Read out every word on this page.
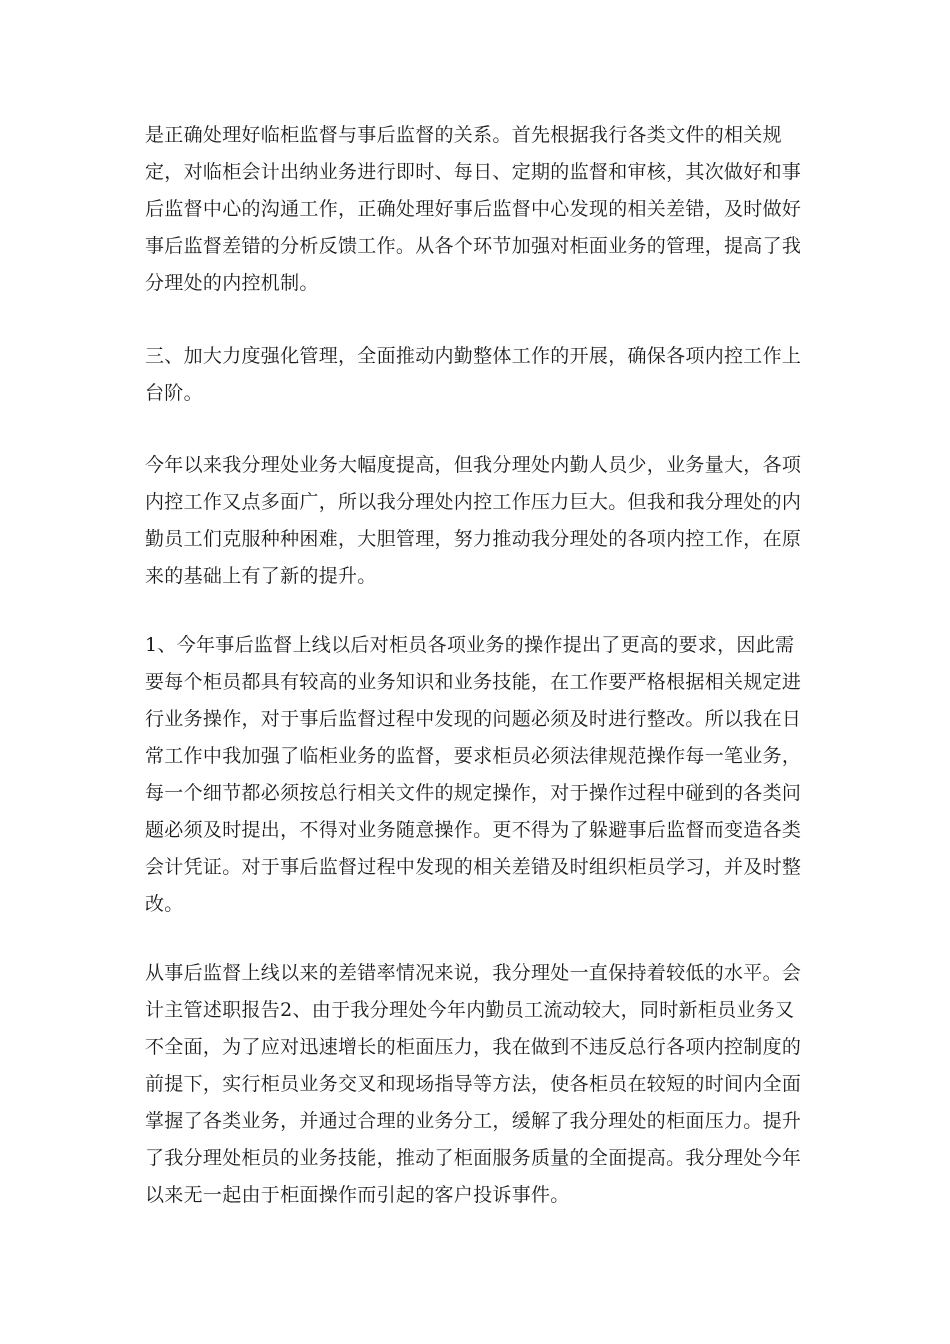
是正确处理好临柜监督与事后监督的关系。首先根据我行各类文件的相关规定，对临柜会计出纳业务进行即时、每日、定期的监督和审核，其次做好和事后监督中心的沟通工作，正确处理好事后监督中心发现的相关差错，及时做好事后监督差错的分析反馈工作。从各个环节加强对柜面业务的管理，提高了我分理处的内控机制。

三、加大力度强化管理，全面推动内勤整体工作的开展，确保各项内控工作上台阶。

今年以来我分理处业务大幅度提高，但我分理处内勤人员少，业务量大，各项内控工作又点多面广，所以我分理处内控工作压力巨大。但我和我分理处的内勤员工们克服种种困难，大胆管理，努力推动我分理处的各项内控工作，在原来的基础上有了新的提升。

1、今年事后监督上线以后对柜员各项业务的操作提出了更高的要求，因此需要每个柜员都具有较高的业务知识和业务技能，在工作要严格根据相关规定进行业务操作，对于事后监督过程中发现的问题必须及时进行整改。所以我在日常工作中我加强了临柜业务的监督，要求柜员必须法律规范操作每一笔业务，每一个细节都必须按总行相关文件的规定操作，对于操作过程中碰到的各类问题必须及时提出，不得对业务随意操作。更不得为了躲避事后监督而变造各类会计凭证。对于事后监督过程中发现的相关差错及时组织柜员学习，并及时整改。

从事后监督上线以来的差错率情况来说，我分理处一直保持着较低的水平。会计主管述职报告2、由于我分理处今年内勤员工流动较大，同时新柜员业务又不全面，为了应对迅速增长的柜面压力，我在做到不违反总行各项内控制度的前提下，实行柜员业务交叉和现场指导等方法，使各柜员在较短的时间内全面掌握了各类业务，并通过合理的业务分工，缓解了我分理处的柜面压力。提升了我分理处柜员的业务技能，推动了柜面服务质量的全面提高。我分理处今年以来无一起由于柜面操作而引起的客户投诉事件。
